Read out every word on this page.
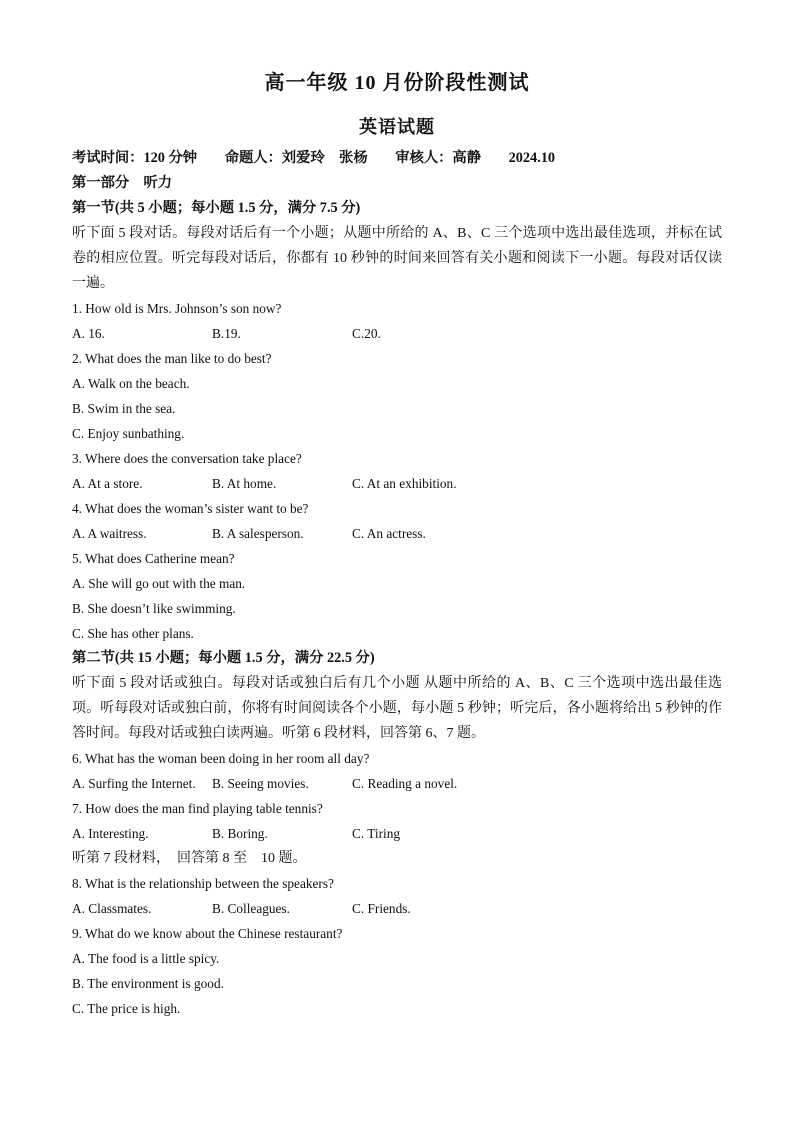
高一年级 10 月份阶段性测试
英语试题
考试时间：120 分钟 命题人：刘爱玲　张杨 审核人：高静 2024.10
第一部分　听力
第一节(共 5 小题；每小题 1.5 分，满分 7.5 分)
听下面 5 段对话。每段对话后有一个小题；从题中所给的 A、B、C 三个选项中选出最佳选项，并标在试卷的相应位置。听完每段对话后，你都有 10 秒钟的时间来回答有关小题和阅读下一小题。每段对话仅读一遍。
1. How old is Mrs. Johnson’s son now?
A. 16.	B.19.	C.20.
2. What does the man like to do best?
A. Walk on the beach.
B. Swim in the sea.
C. Enjoy sunbathing.
3. Where does the conversation take place?
A. At a store.	B. At home.	C. At an exhibition.
4. What does the woman’s sister want to be?
A. A waitress.	B. A salesperson.	C. An actress.
5. What does Catherine mean?
A. She will go out with the man.
B. She doesn’t like swimming.
C. She has other plans.
第二节(共 15 小题；每小题 1.5 分，满分 22.5 分)
听下面 5 段对话或独白。每段对话或独白后有几个小题 从题中所给的 A、B、C 三个选项中选出最佳选项。听每段对话或独白前，你将有时间阅读各个小题，每小题 5 秒钟；听完后，各小题将给出 5 秒钟的作答时间。每段对话或独白读两遍。听第 6 段材料，回答第 6、7 题。
6. What has the woman been doing in her room all day?
A. Surfing the Internet.	B. Seeing movies.	C. Reading a novel.
7. How does the man find playing table tennis?
A. Interesting.	B. Boring.	C. Tiring
听第 7 段材料，　回答第 8 至　10 题。
8. What is the relationship between the speakers?
A. Classmates.	B. Colleagues.	C. Friends.
9. What do we know about the Chinese restaurant?
A. The food is a little spicy.
B. The environment is good.
C. The price is high.
